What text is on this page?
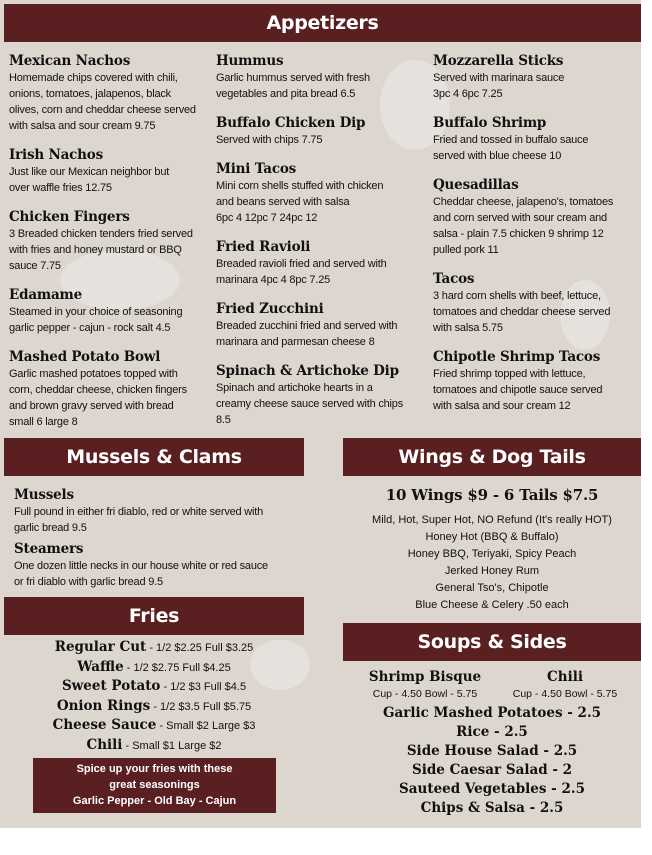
Appetizers
Mexican Nachos
Homemade chips covered with chili,
onions, tomatoes, jalapenos, black
olives, corn and cheddar cheese served
with salsa and sour cream 9.75
Irish Nachos
Just like our Mexican neighbor but
over waffle fries 12.75
Chicken Fingers
3 Breaded chicken tenders fried served
with fries and honey mustard or BBQ
sauce 7.75
Edamame
Steamed in your choice of seasoning
garlic pepper - cajun - rock salt 4.5
Mashed Potato Bowl
Garlic mashed potatoes topped with
corn, cheddar cheese, chicken fingers
and brown gravy served with bread
small 6 large 8
Hummus
Garlic hummus served with fresh
vegetables and pita bread 6.5
Buffalo Chicken Dip
Served with chips 7.75
Mini Tacos
Mini corn shells stuffed with chicken
and beans served with salsa
6pc 4 12pc 7 24pc 12
Fried Ravioli
Breaded ravioli fried and served with
marinara 4pc 4 8pc 7.25
Fried Zucchini
Breaded zucchini fried and served with
marinara and parmesan cheese 8
Spinach & Artichoke Dip
Spinach and artichoke hearts in a
creamy cheese sauce served with chips
8.5
Mozzarella Sticks
Served with marinara sauce
3pc 4 6pc 7.25
Buffalo Shrimp
Fried and tossed in buffalo sauce
served with blue cheese 10
Quesadillas
Cheddar cheese, jalapeno's, tomatoes
and corn served with sour cream and
salsa - plain 7.5 chicken 9 shrimp 12
pulled pork 11
Tacos
3 hard corn shells with beef, lettuce,
tomatoes and cheddar cheese served
with salsa 5.75
Chipotle Shrimp Tacos
Fried shrimp topped with lettuce,
tomatoes and chipotle sauce served
with salsa and sour cream 12
Mussels & Clams
Mussels
Full pound in either fri diablo, red or white served with
garlic bread 9.5
Steamers
One dozen little necks in our house white or red sauce
or fri diablo with garlic bread 9.5
Wings & Dog Tails
10 Wings $9 - 6 Tails $7.5
Mild, Hot, Super Hot, NO Refund (It's really HOT)
Honey Hot (BBQ & Buffalo)
Honey BBQ, Teriyaki, Spicy Peach
Jerked Honey Rum
General Tso's, Chipotle
Blue Cheese & Celery .50 each
Fries
Regular Cut - 1/2 $2.25 Full $3.25
Waffle - 1/2 $2.75 Full $4.25
Sweet Potato - 1/2 $3 Full $4.5
Onion Rings - 1/2 $3.5 Full $5.75
Cheese Sauce - Small $2 Large $3
Chili - Small $1 Large $2
Spice up your fries with these
great seasonings
Garlic Pepper - Old Bay - Cajun
Soups & Sides
Shrimp Bisque
Cup - 4.50 Bowl - 5.75
Chili
Cup - 4.50 Bowl - 5.75
Garlic Mashed Potatoes - 2.5
Rice - 2.5
Side House Salad - 2.5
Side Caesar Salad - 2
Sauteed Vegetables - 2.5
Chips & Salsa - 2.5
